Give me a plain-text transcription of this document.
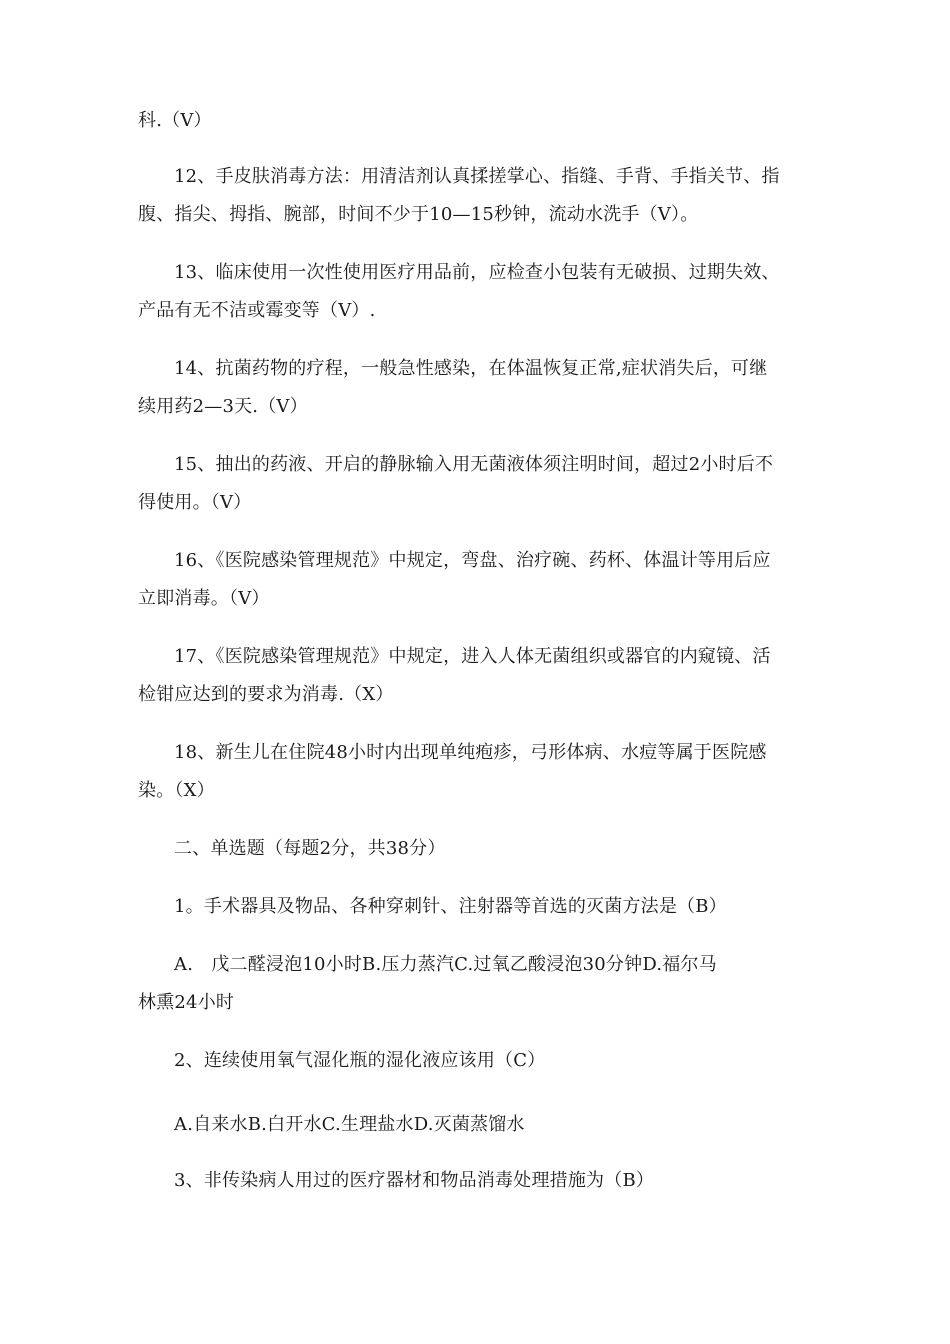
科.（V）
12、手皮肤消毒方法：用清洁剂认真揉搓掌心、指缝、手背、手指关节、指
腹、指尖、拇指、腕部，时间不少于10—15秒钟，流动水洗手（V）。
13、临床使用一次性使用医疗用品前，应检查小包装有无破损、过期失效、
产品有无不洁或霉变等（V）.
14、抗菌药物的疗程，一般急性感染，在体温恢复正常,症状消失后，可继
续用药2—3天.（V）
15、抽出的药液、开启的静脉输入用无菌液体须注明时间，超过2小时后不
得使用。（V）
16、《医院感染管理规范》中规定，弯盘、治疗碗、药杯、体温计等用后应
立即消毒。（V）
17、《医院感染管理规范》中规定，进入人体无菌组织或器官的内窥镜、活
检钳应达到的要求为消毒.（X）
18、新生儿在住院48小时内出现单纯疱疹，弓形体病、水痘等属于医院感
染。（X）
二、单选题（每题2分，共38分）
1。手术器具及物品、各种穿刺针、注射器等首选的灭菌方法是（B）
A.　戊二醛浸泡10小时B.压力蒸汽C.过氧乙酸浸泡30分钟D.福尔马
林熏24小时
2、连续使用氧气湿化瓶的湿化液应该用（C）
A.自来水B.白开水C.生理盐水D.灭菌蒸馏水
3、非传染病人用过的医疗器材和物品消毒处理措施为（B）
